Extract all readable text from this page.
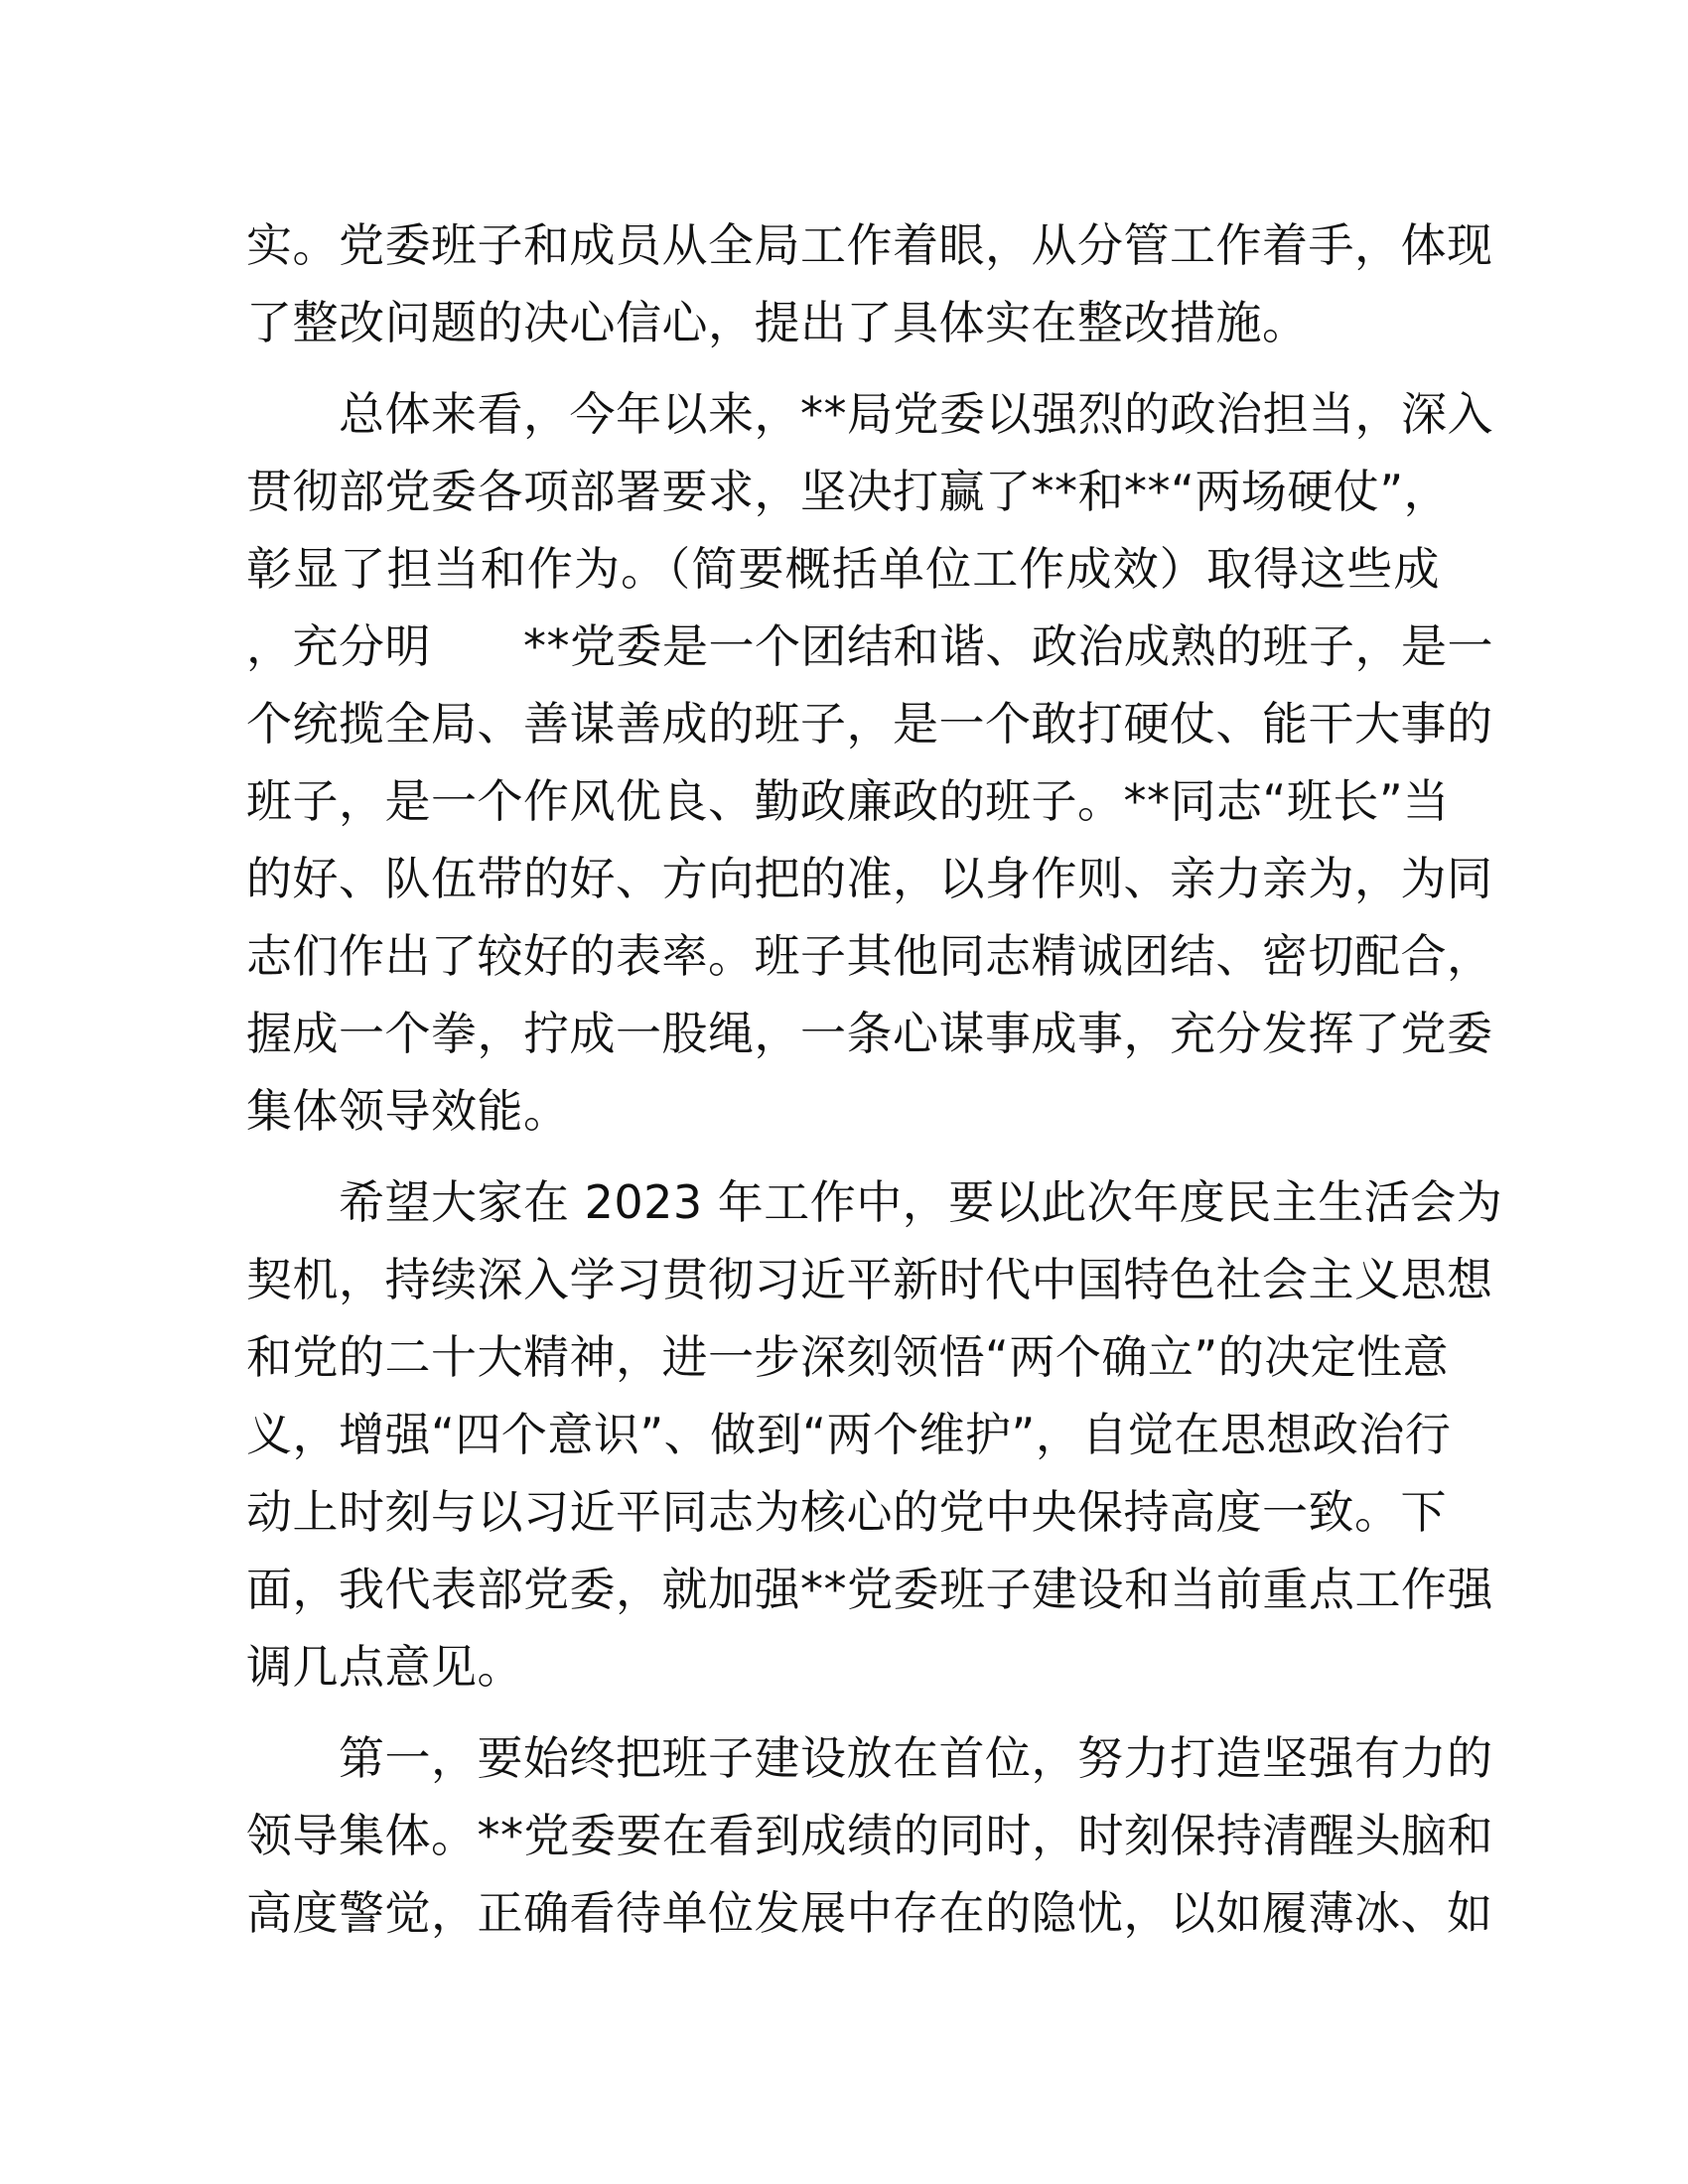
实。党委班子和成员从全局工作着眼，从分管工作着手，体现
了整改问题的决心信心，提出了具体实在整改措施。
　　总体来看，今年以来，**局党委以强烈的政治担当，深入
贯彻部党委各项部署要求，坚决打赢了**和**“两场硬仗”，
彰显了担当和作为。（简要概括单位工作成效）取得这些成
，充分明　　**党委是一个团结和谐、政治成熟的班子，是一
个统揽全局、善谋善成的班子，是一个敢打硬仗、能干大事的
班子，是一个作风优良、勤政廉政的班子。**同志“班长”当
的好、队伍带的好、方向把的准，以身作则、亲力亲为，为同
志们作出了较好的表率。班子其他同志精诚团结、密切配合，
握成一个拳，拧成一股绳，一条心谋事成事，充分发挥了党委
集体领导效能。
　　希望大家在 2023 年工作中，要以此次年度民主生活会为
契机，持续深入学习贯彻习近平新时代中国特色社会主义思想
和党的二十大精神，进一步深刻领悟“两个确立”的决定性意
义，增强“四个意识”、做到“两个维护”，自觉在思想政治行
动上时刻与以习近平同志为核心的党中央保持高度一致。下
面，我代表部党委，就加强**党委班子建设和当前重点工作强
调几点意见。
　　第一，要始终把班子建设放在首位，努力打造坚强有力的
领导集体。**党委要在看到成绩的同时，时刻保持清醒头脑和
高度警觉，正确看待单位发展中存在的隐忧，以如履薄冰、如
